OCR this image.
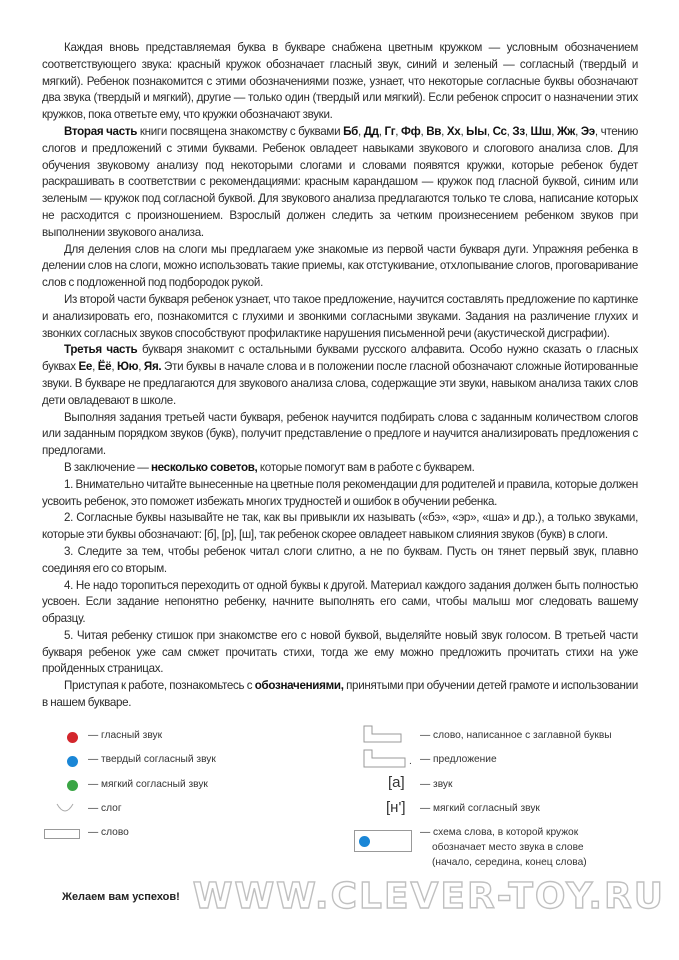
Каждая вновь представляемая буква в букваре снабжена цветным кружком — условным обозначением соответствующего звука: красный кружок обозначает гласный звук, синий и зеленый — согласный (твердый и мягкий). Ребенок познакомится с этими обозначениями позже, узнает, что некоторые согласные буквы обозначают два звука (твердый и мягкий), другие — только один (твердый или мягкий). Если ребенок спросит о назначении этих кружков, пока ответьте ему, что кружки обозначают звуки.

Вторая часть книги посвящена знакомству с буквами Бб, Дд, Гг, Фф, Вв, Хх, Ыы, Сс, Зз, Шш, Жж, Ээ, чтению слогов и предложений с этими буквами. Ребенок овладеет навыками звукового и слогового анализа слов. Для обучения звуковому анализу под некоторыми слогами и словами появятся кружки, которые ребенок будет раскрашивать в соответствии с рекомендациями: красным карандашом — кружок под гласной буквой, синим или зеленым — кружок под согласной буквой. Для звукового анализа предлагаются только те слова, написание которых не расходится с произношением. Взрослый должен следить за четким произнесением ребенком звуков при выполнении звукового анализа.

Для деления слов на слоги мы предлагаем уже знакомые из первой части букваря дуги. Упражняя ребенка в делении слов на слоги, можно использовать такие приемы, как отстукивание, отхлопывание слогов, проговаривание слов с подложенной под подбородок рукой.

Из второй части букваря ребенок узнает, что такое предложение, научится составлять предложение по картинке и анализировать его, познакомится с глухими и звонкими согласными звуками. Задания на различение глухих и звонких согласных звуков способствуют профилактике нарушения письменной речи (акустической дисграфии).

Третья часть букваря знакомит с остальными буквами русского алфавита. Особо нужно сказать о гласных буквах Ее, Ёё, Юю, Яя. Эти буквы в начале слова и в положении после гласной обозначают сложные йотированные звуки. В букваре не предлагаются для звукового анализа слова, содержащие эти звуки, навыком анализа таких слов дети овладевают в школе.

Выполняя задания третьей части букваря, ребенок научится подбирать слова с заданным количеством слогов или заданным порядком звуков (букв), получит представление о предлоге и научится анализировать предложения с предлогами.

В заключение — несколько советов, которые помогут вам в работе с букварем.

1. Внимательно читайте вынесенные на цветные поля рекомендации для родителей и правила, которые должен усвоить ребенок, это поможет избежать многих трудностей и ошибок в обучении ребенка.

2. Согласные буквы называйте не так, как вы привыкли их называть («бэ», «эр», «ша» и др.), а только звуками, которые эти буквы обозначают: [б], [р], [ш], так ребенок скорее овладеет навыком слияния звуков (букв) в слоги.

3. Следите за тем, чтобы ребенок читал слоги слитно, а не по буквам. Пусть он тянет первый звук, плавно соединяя его со вторым.

4. Не надо торопиться переходить от одной буквы к другой. Материал каждого задания должен быть полностью усвоен. Если задание непонятно ребенку, начните выполнять его сами, чтобы малыш мог следовать вашему образцу.

5. Читая ребенку стишок при знакомстве его с новой буквой, выделяйте новый звук голосом. В третьей части букваря ребенок уже сам смжет прочитать стихи, тогда же ему можно предложить прочитать стихи на уже пройденных страницах.

Приступая к работе, познакомьтесь с обозначениями, принятыми при обучении детей грамоте и использовании в нашем букваре.

— гласный звук
— твердый согласный звук
— мягкий согласный звук
— слог
— слово
— слово, написанное с заглавной буквы
. — предложение
[а] — звук
[н'] — мягкий согласный звук
— схема слова, в которой кружок
обозначает место звука в слове
(начало, середина, конец слова)
Желаем вам успехов! WWW.CLEVER-TOY.RU
